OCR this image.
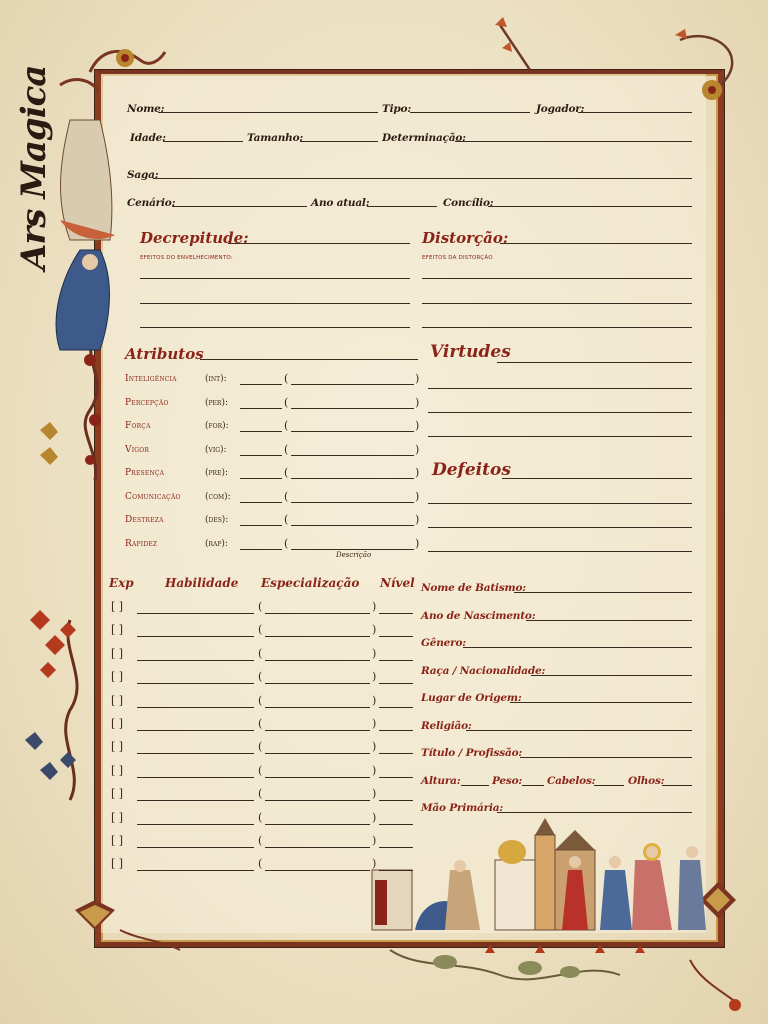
Ars Magica	Nome:	Tipo:	Jogador:
Idade:	Tamanho:	Determinação:
Saga:
Cenário:	Ano atual:	Concílio:
Decrepitude:
EFEITOS DO ENVELHECIMENTO:
Distorção:
EFEITOS DA DISTORÇÃO
Atributos
Inteligência	(int):	(	)
Percepção	(per):	(	)
Força	(for):	(	)
Vigor	(vig):	(	)
Presença	(pre):	(	)
Comunicação	(com):	(	)
Destreza	(des):	(	)
Rapidez	(rap):	(	)
Descrição
Virtudes
Defeitos
Exp	Habilidade Especialização Nível
[ ]	(	)
[ ]	(	)
[ ]	(	)
[ ]	(	)
[ ]	(	)
[ ]	(	)
[ ]	(	)
[ ]	(	)
[ ]	(	)
[ ]	(	)
[ ]	(	)
[ ]	(	)
Nome de Batismo:
Ano de Nascimento:
Gênero:
Raça / Nacionalidade:
Lugar de Origem:
Religião:
Título / Profissão:
Altura:	Peso: Cabelos:	Olhos:
Mão Primária:
